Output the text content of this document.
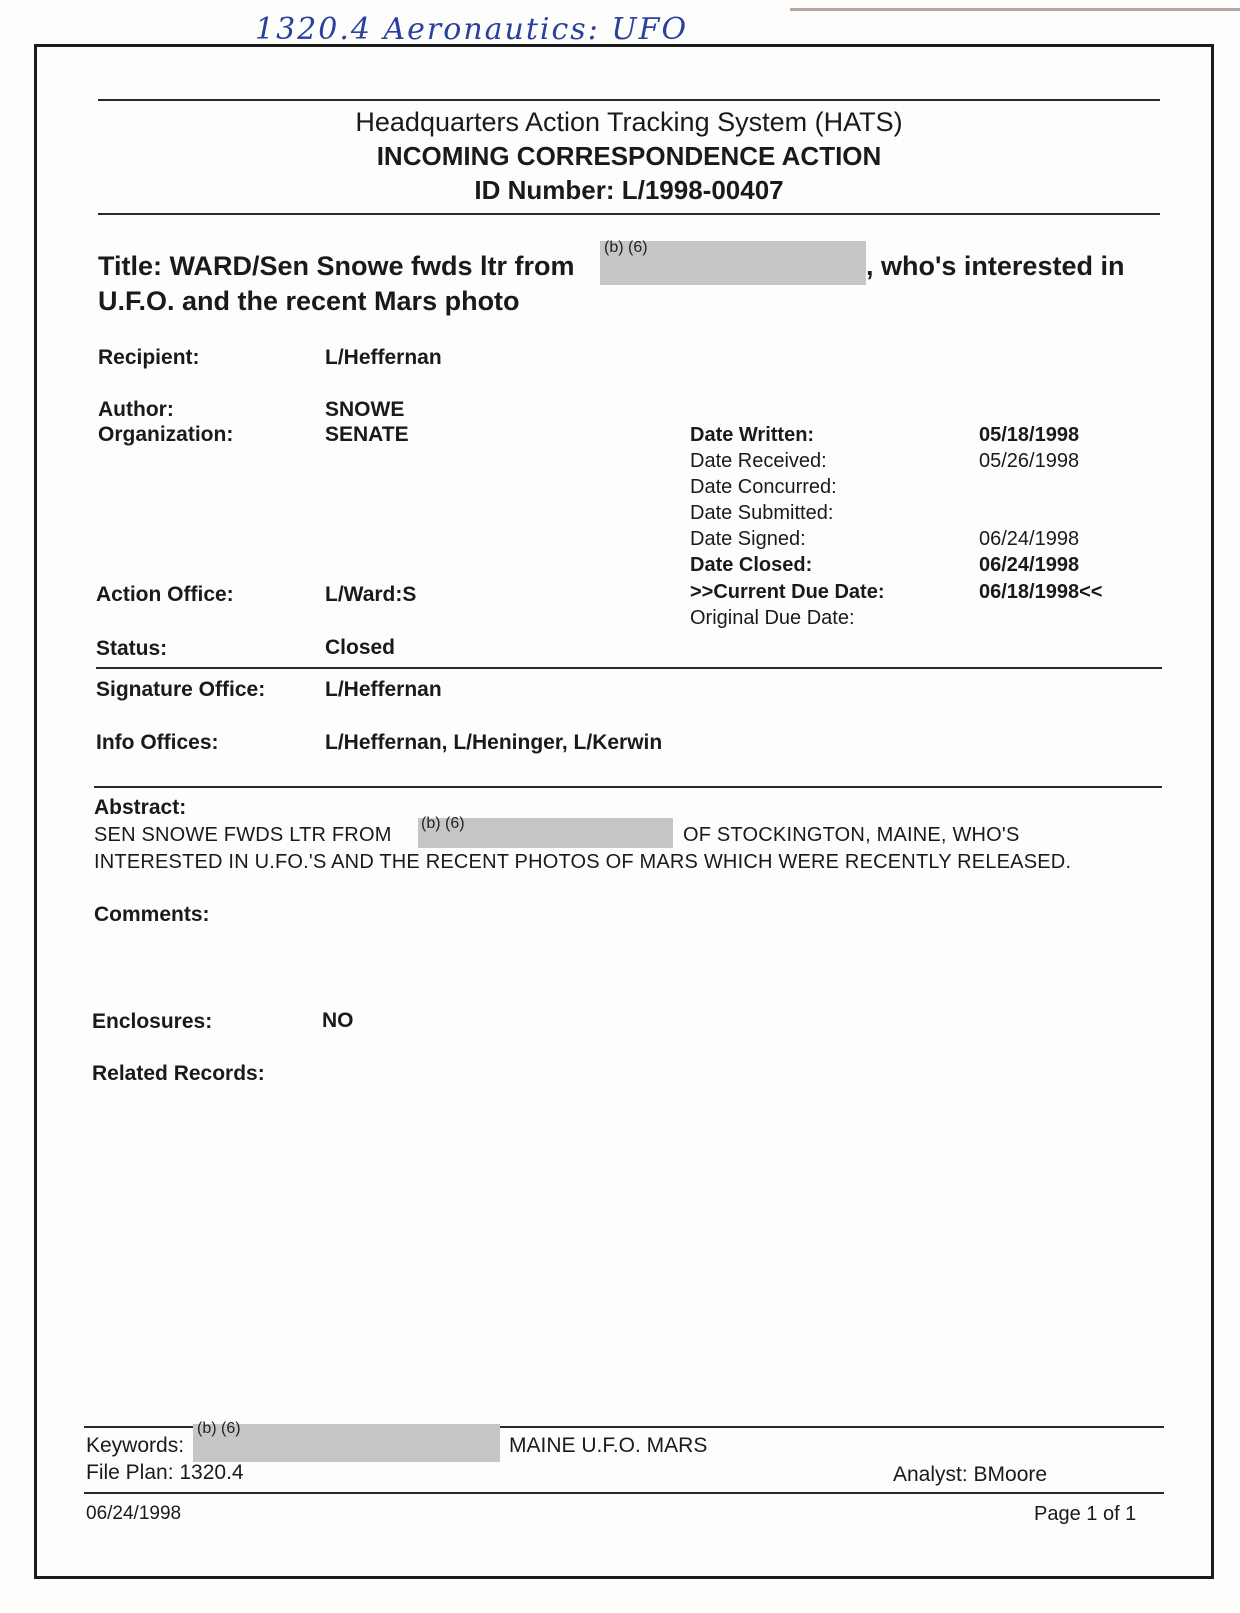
1320.4 Aeronautics: UFO
Headquarters Action Tracking System (HATS)
INCOMING CORRESPONDENCE ACTION
ID Number: L/1998-00407
Title: WARD/Sen Snowe fwds ltr from
(b) (6)
, who's interested in
U.F.O. and the recent Mars photo
Recipient:	L/Heffernan
Author:	SNOWE
Organization:	SENATE
Action Office:	L/Ward:S
Status:	Closed
Signature Office:	L/Heffernan
Info Offices:	L/Heffernan, L/Heninger, L/Kerwin
Date Written:	05/18/1998
Date Received:	05/26/1998
Date Concurred:
Date Submitted:
Date Signed:	06/24/1998
Date Closed:	06/24/1998
>>Current Due Date:	06/18/1998<<
Original Due Date:
Abstract:
SEN SNOWE FWDS LTR FROM
(b) (6)
OF STOCKINGTON, MAINE, WHO'S
INTERESTED IN U.FO.'S AND THE RECENT PHOTOS OF MARS WHICH WERE RECENTLY RELEASED.
Comments:
Enclosures:	NO
Related Records:
Keywords:
(b) (6)
MAINE U.F.O. MARS
File Plan: 1320.4	Analyst: BMoore
06/24/1998	Page 1 of 1
